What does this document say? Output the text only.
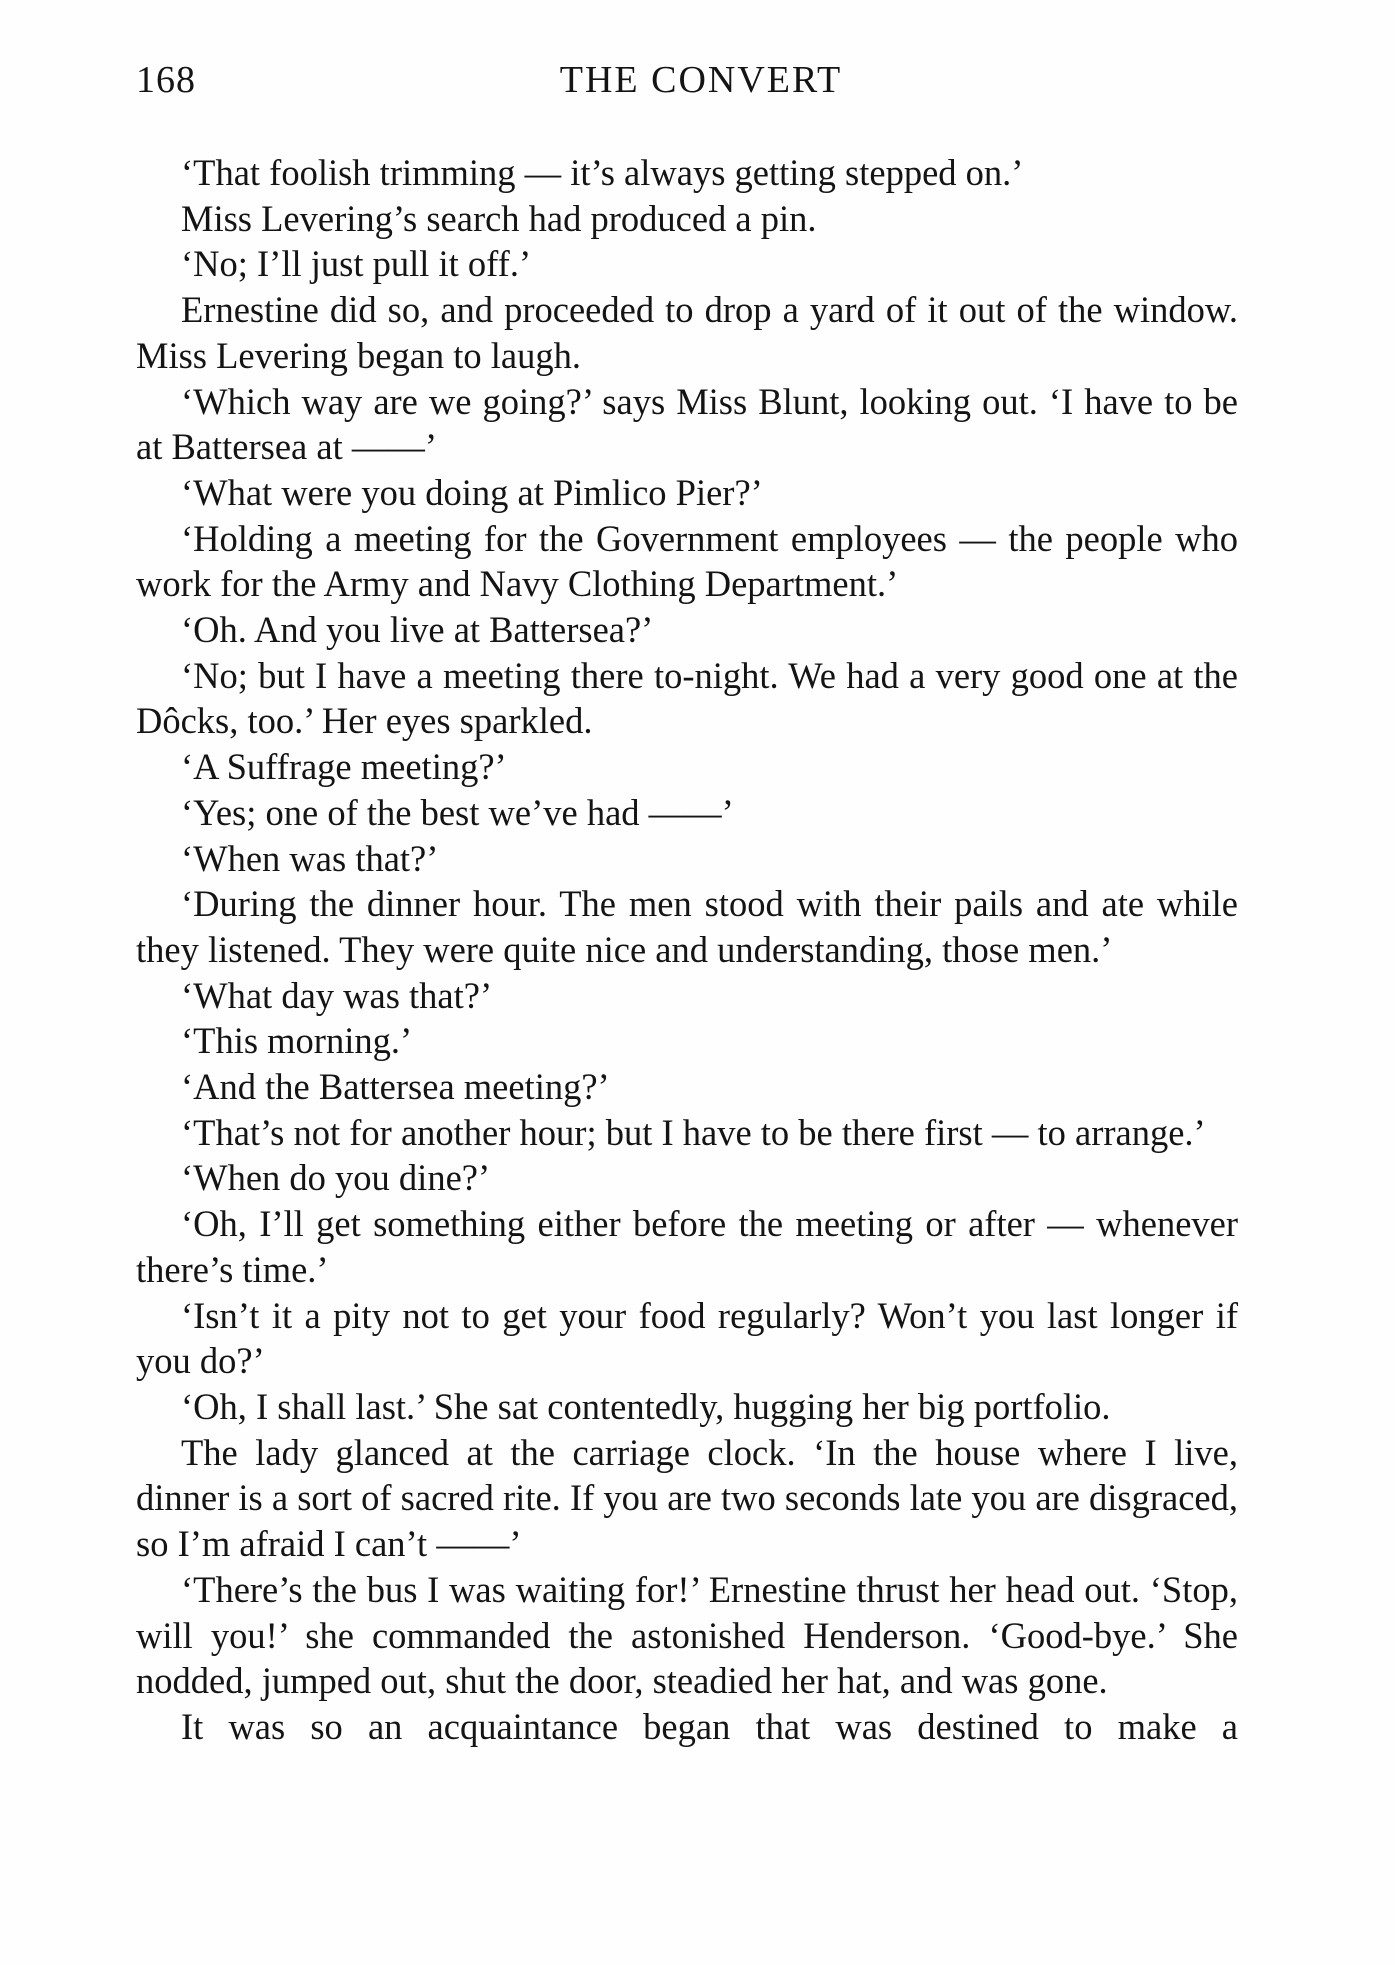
168	THE CONVERT

‘That foolish trimming — it’s always getting stepped on.’

Miss Levering’s search had produced a pin.

‘No; I’ll just pull it off.’

Ernestine did so, and proceeded to drop a yard of it out of the window. Miss Levering began to laugh.

‘Which way are we going?’ says Miss Blunt, looking out. ‘I have to be at Battersea at ——’

‘What were you doing at Pimlico Pier?’

‘Holding a meeting for the Government employees — the people who work for the Army and Navy Clothing Department.’

‘Oh. And you live at Battersea?’

‘No; but I have a meeting there to-night. We had a very good one at the Dôcks, too.’ Her eyes sparkled.

‘A Suffrage meeting?’

‘Yes; one of the best we’ve had ——’

‘When was that?’

‘During the dinner hour. The men stood with their pails and ate while they listened. They were quite nice and understanding, those men.’

‘What day was that?’

‘This morning.’

‘And the Battersea meeting?’

‘That’s not for another hour; but I have to be there first — to arrange.’

‘When do you dine?’

‘Oh, I’ll get something either before the meeting or after — whenever there’s time.’

‘Isn’t it a pity not to get your food regularly? Won’t you last longer if you do?’

‘Oh, I shall last.’ She sat contentedly, hugging her big portfolio.

The lady glanced at the carriage clock. ‘In the house where I live, dinner is a sort of sacred rite. If you are two seconds late you are disgraced, so I’m afraid I can’t ——’

‘There’s the bus I was waiting for!’ Ernestine thrust her head out. ‘Stop, will you!’ she commanded the astonished Henderson. ‘Good-bye.’ She nodded, jumped out, shut the door, steadied her hat, and was gone.

It was so an acquaintance began that was destined to make a
